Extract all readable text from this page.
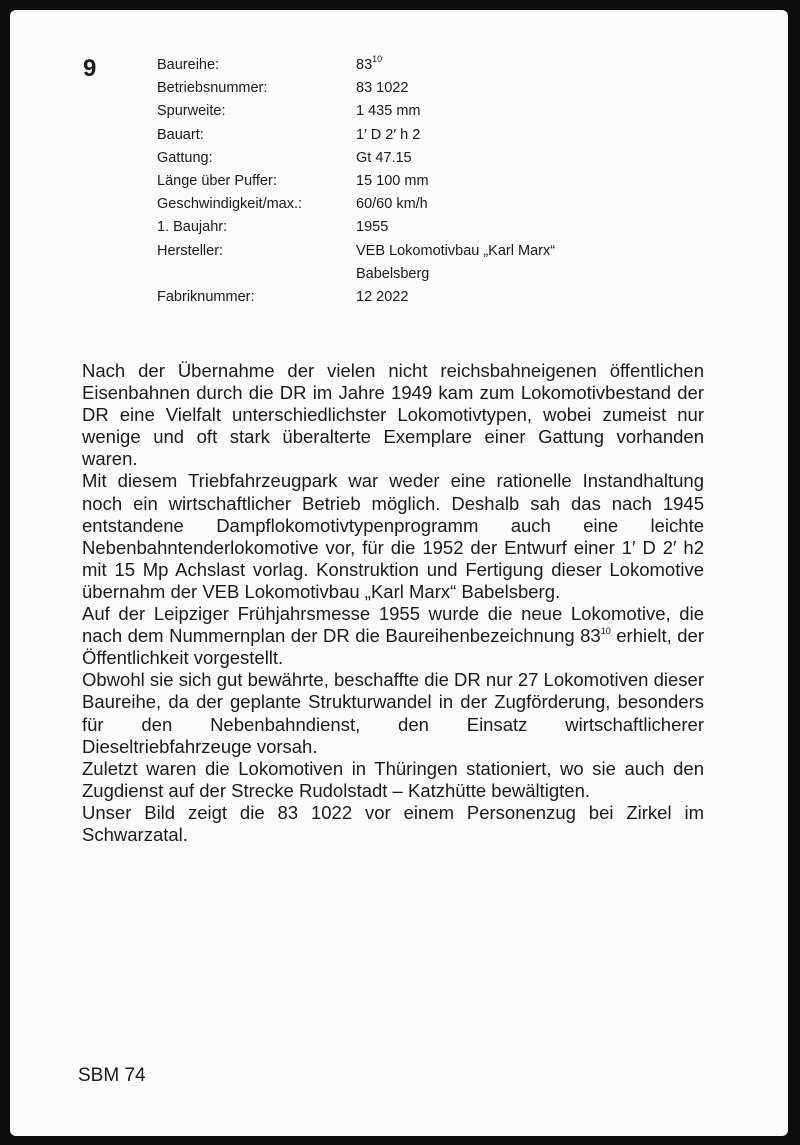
9	Baureihe:	$83^{10}$
Betriebsnummer:	83 1022
Spurweite:	1 435 mm
Bauart:	1′ D 2′ h 2
Gattung:	Gt 47.15
Länge über Puffer:	15 100 mm
Geschwindigkeit/max.:	60/60 km/h
1. Baujahr:	1955
Hersteller:	VEB Lokomotivbau „Karl Marx“
Babelsberg
Fabriknummer:	12 2022

Nach der Übernahme der vielen nicht reichsbahneigenen öffentlichen Eisenbahnen durch die DR im Jahre 1949 kam zum Lokomotivbestand der DR eine Vielfalt unterschiedlichster Lokomotivtypen, wobei zumeist nur wenige und oft stark überalterte Exemplare einer Gattung vorhanden waren.

Mit diesem Triebfahrzeugpark war weder eine rationelle Instandhaltung noch ein wirtschaftlicher Betrieb möglich. Deshalb sah das nach 1945 entstandene Dampflokomotivtypenprogramm auch eine leichte Nebenbahntenderlokomotive vor, für die 1952 der Entwurf einer 1′ D 2′ h2 mit 15 Mp Achslast vorlag. Konstruktion und Fertigung dieser Lokomotive übernahm der VEB Lokomotivbau „Karl Marx“ Babelsberg.

Auf der Leipziger Frühjahrsmesse 1955 wurde die neue Lokomotive, die nach dem Nummernplan der DR die Baureihenbezeichnung $83^{10}$ erhielt, der Öffentlichkeit vorgestellt.

Obwohl sie sich gut bewährte, beschaffte die DR nur 27 Lokomotiven dieser Baureihe, da der geplante Strukturwandel in der Zugförderung, besonders für den Nebenbahndienst, den Einsatz wirtschaftlicherer Dieseltriebfahrzeuge vorsah.

Zuletzt waren die Lokomotiven in Thüringen stationiert, wo sie auch den Zugdienst auf der Strecke Rudolstadt – Katzhütte bewältigten.

Unser Bild zeigt die 83 1022 vor einem Personenzug bei Zirkel im Schwarzatal.

SBM 74
